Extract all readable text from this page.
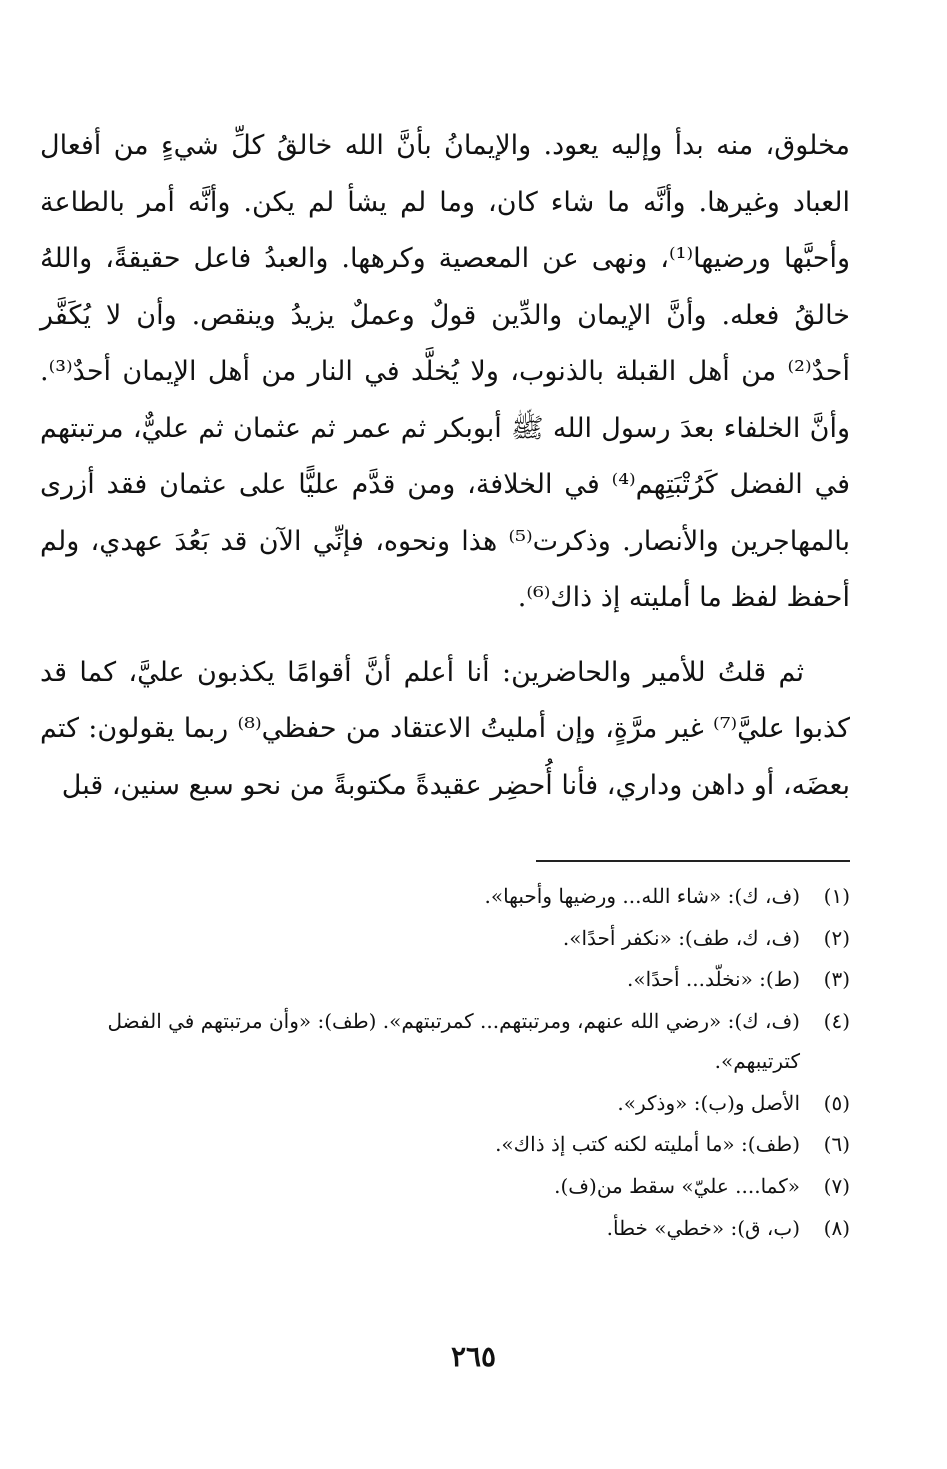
مخلوق، منه بدأ وإليه يعود. والإيمانُ بأنَّ الله خالقُ كلِّ شيءٍ من أفعال العباد وغيرها. وأنَّه ما شاء كان، وما لم يشأ لم يكن. وأنَّه أمر بالطاعة وأحبَّها ورضيها⁽¹⁾، ونهى عن المعصية وكرهها. والعبدُ فاعل حقيقةً، واللهُ خالقُ فعله. وأنَّ الإيمان والدِّين قولٌ وعملٌ يزيدُ وينقص. وأن لا يُكَفَّر أحدٌ⁽²⁾ من أهل القبلة بالذنوب، ولا يُخلَّد في النار من أهل الإيمان أحدٌ⁽³⁾. وأنَّ الخلفاء بعدَ رسول الله ﷺ أبوبكر ثم عمر ثم عثمان ثم عليٌّ، مرتبتهم في الفضل كَرُتْبَتِهم⁽⁴⁾ في الخلافة، ومن قدَّم عليًّا على عثمان فقد أزرى بالمهاجرين والأنصار. وذكرت⁽⁵⁾ هذا ونحوه، فإنِّي الآن قد بَعُدَ عهدي، ولم أحفظ لفظ ما أمليته إذ ذاك⁽⁶⁾.

ثم قلتُ للأمير والحاضرين: أنا أعلم أنَّ أقوامًا يكذبون عليَّ، كما قد كذبوا عليَّ⁽⁷⁾ غير مرَّةٍ، وإن أمليتُ الاعتقاد من حفظي⁽⁸⁾ ربما يقولون: كتم بعضَه، أو داهن وداري، فأنا أُحضِر عقيدةً مكتوبةً من نحو سبع سنين، قبل

(١)
(ف، ك): «شاء الله... ورضيها وأحبها».
(٢)
(ف، ك، طف): «نكفر أحدًا».
(٣)
(ط): «نخلّد... أحدًا».
(٤)
(ف، ك): «رضي الله عنهم، ومرتبتهم... كمرتبتهم». (طف): «وأن مرتبتهم في الفضل كترتيبهم».
(٥)
الأصل و(ب): «وذكر».
(٦)
(طف): «ما أمليته لكنه كتب إذ ذاك».
(٧)
«كما.... عليّ» سقط من(ف).
(٨)
(ب، ق): «خطي» خطأ.
٢٦٥
